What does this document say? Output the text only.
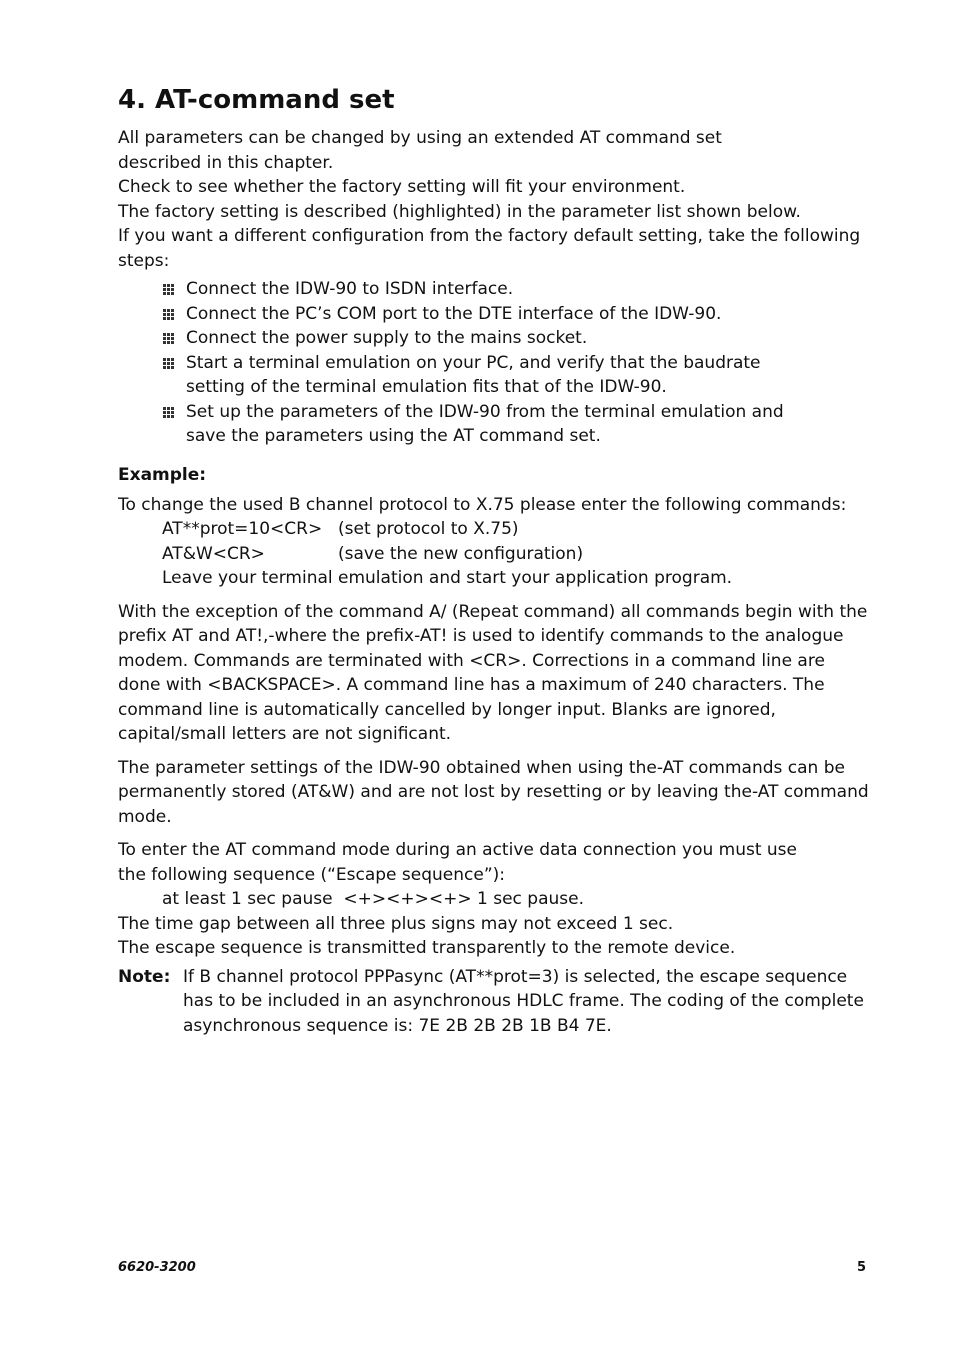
4. AT-command set

All parameters can be changed by using an extended AT command set described in this chapter.

Check to see whether the factory setting will fit your environment.

The factory setting is described (highlighted) in the parameter list shown below.

If you want a different configuration from the factory default setting, take the following steps:

Connect the IDW-90 to ISDN interface.
Connect the PC’s COM port to the DTE interface of the IDW-90.
Connect the power supply to the mains socket.
Start a terminal emulation on your PC, and verify that the baudrate setting of the terminal emulation fits that of the IDW-90.
Set up the parameters of the IDW-90 from the terminal emulation and save the parameters using the AT command set.
Example:

To change the used B channel protocol to X.75 please enter the following commands:

AT**prot=10<CR> (set protocol to X.75)
AT&W<CR>	(save the new configuration)

Leave your terminal emulation and start your application program.

With the exception of the command A/ (Repeat command) all commands begin with the prefix AT and AT!,-where the prefix-AT! is used to identify commands to the analogue modem. Commands are terminated with <CR>. Corrections in a command line are done with <BACKSPACE>. A command line has a maximum of 240 characters. The command line is automatically cancelled by longer input. Blanks are ignored, capital/small letters are not significant.

The parameter settings of the IDW-90 obtained when using the-AT commands can be permanently stored (AT&W) and are not lost by resetting or by leaving the-AT command mode.

To enter the AT command mode during an active data connection you must use

the following sequence (“Escape sequence”):

at least 1 sec pause  <+><+><+> 1 sec pause.

The time gap between all three plus signs may not exceed 1 sec.

The escape sequence is transmitted transparently to the remote device.

Note: If B channel protocol PPPasync (AT**prot=3) is selected, the escape sequence has to be included in an asynchronous HDLC frame. The coding of the complete asynchronous sequence is: 7E 2B 2B 2B 1B B4 7E.
6620-3200	5
